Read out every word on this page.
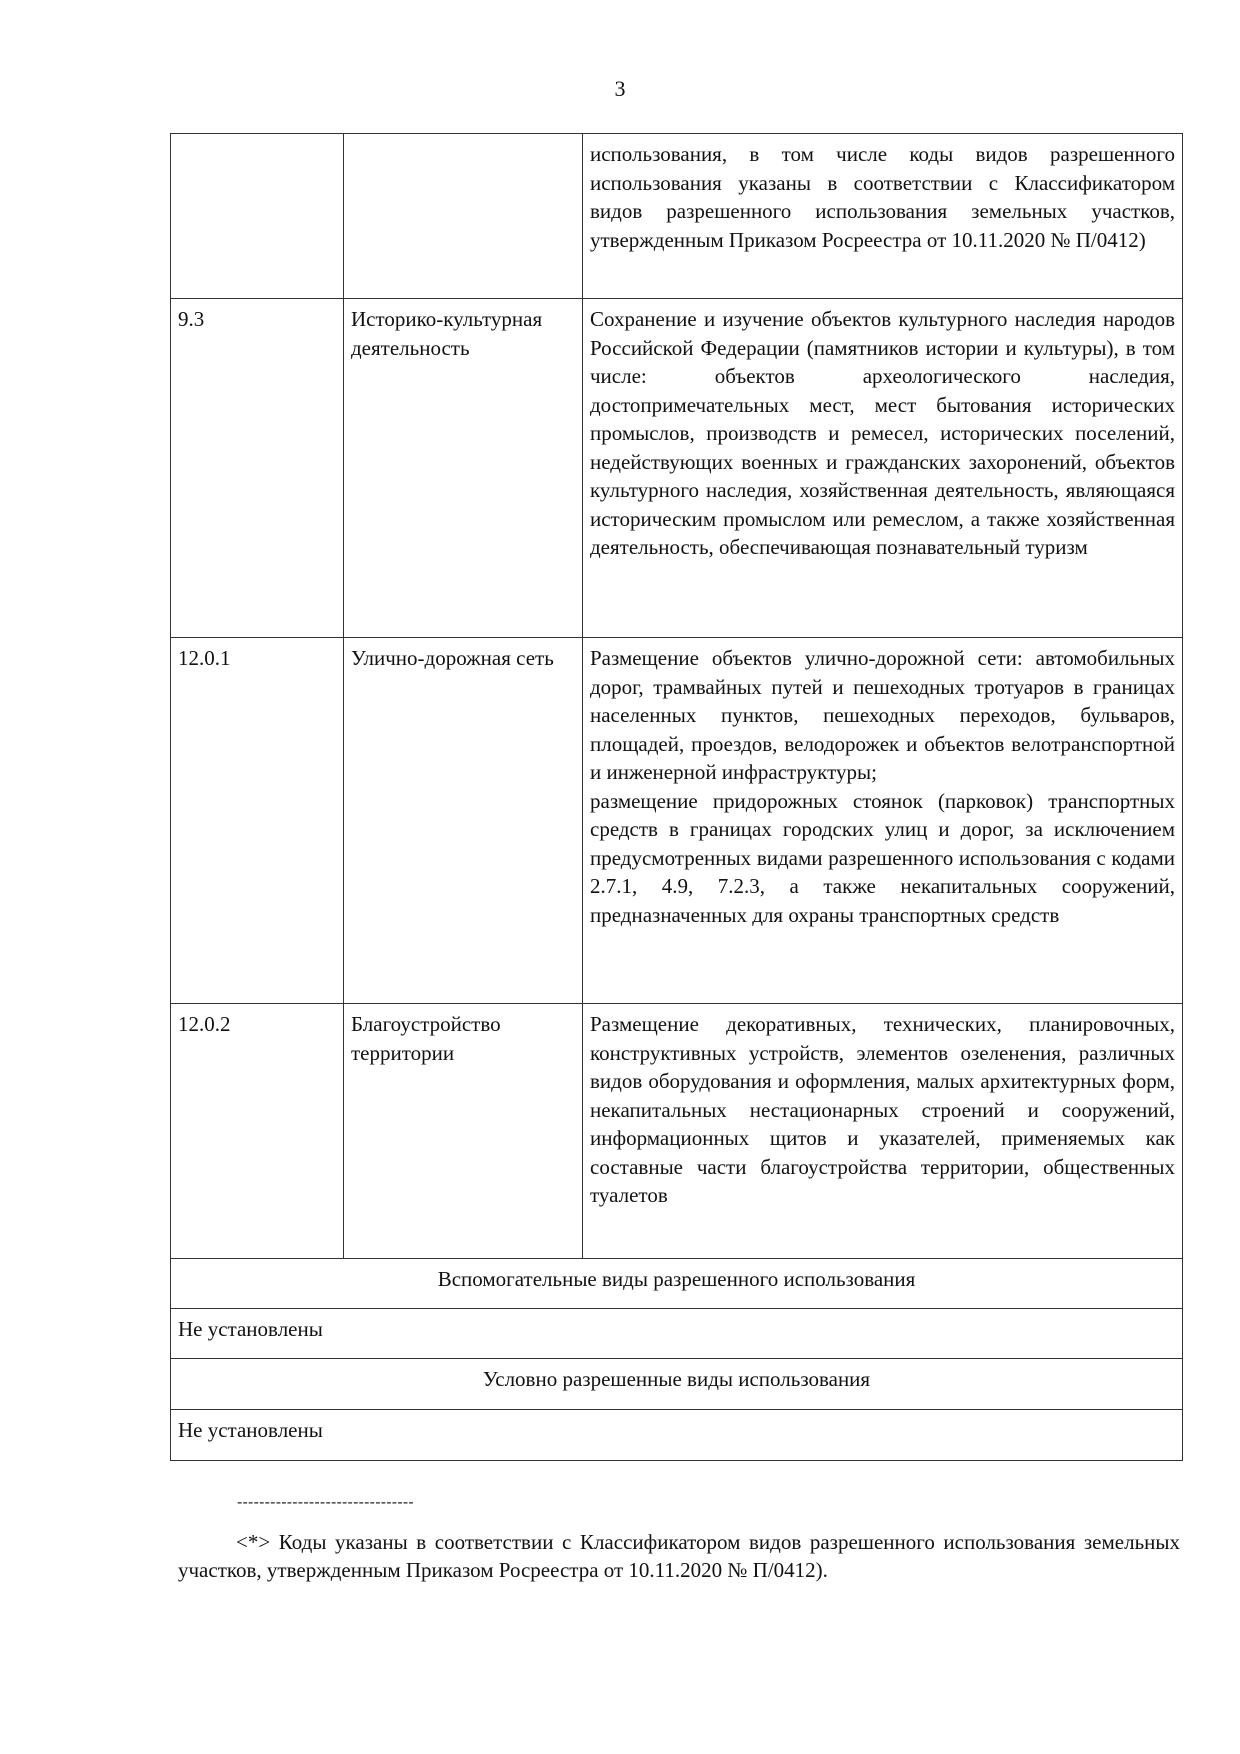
3
		использования, в том числе коды видов разрешенного использования указаны в соответствии с Классификатором видов разрешенного использования земельных участков, утвержденным Приказом Росреестра от 10.11.2020 № П/0412)
9.3	Историко-культурная деятельность	Сохранение и изучение объектов культурного наследия народов Российской Федерации (памятников истории и культуры), в том числе: объектов археологического наследия, достопримечательных мест, мест бытования исторических промыслов, производств и ремесел, исторических поселений, недействующих военных и гражданских захоронений, объектов культурного наследия, хозяйственная деятельность, являющаяся историческим промыслом или ремеслом, а также хозяйственная деятельность, обеспечивающая познавательный туризм
12.0.1	Улично-дорожная сеть	Размещение объектов улично-дорожной сети: автомобильных дорог, трамвайных путей и пешеходных тротуаров в границах населенных пунктов, пешеходных переходов, бульваров, площадей, проездов, велодорожек и объектов велотранспортной и инженерной инфраструктуры;
размещение придорожных стоянок (парковок) транспортных средств в границах городских улиц и дорог, за исключением предусмотренных видами разрешенного использования с кодами 2.7.1, 4.9, 7.2.3, а также некапитальных сооружений, предназначенных для охраны транспортных средств

12.0.2	Благоустройство территории	Размещение декоративных, технических, планировочных, конструктивных устройств, элементов озеленения, различных видов оборудования и оформления, малых архитектурных форм, некапитальных нестационарных строений и сооружений, информационных щитов и указателей, применяемых как составные части благоустройства территории, общественных туалетов
Вспомогательные виды разрешенного использования		
Не установлены		
Условно разрешенные виды использования		
Не установлены		
--------------------------------
<*> Коды указаны в соответствии с Классификатором видов разрешенного использования земельных участков, утвержденным Приказом Росреестра от 10.11.2020 № П/0412).
